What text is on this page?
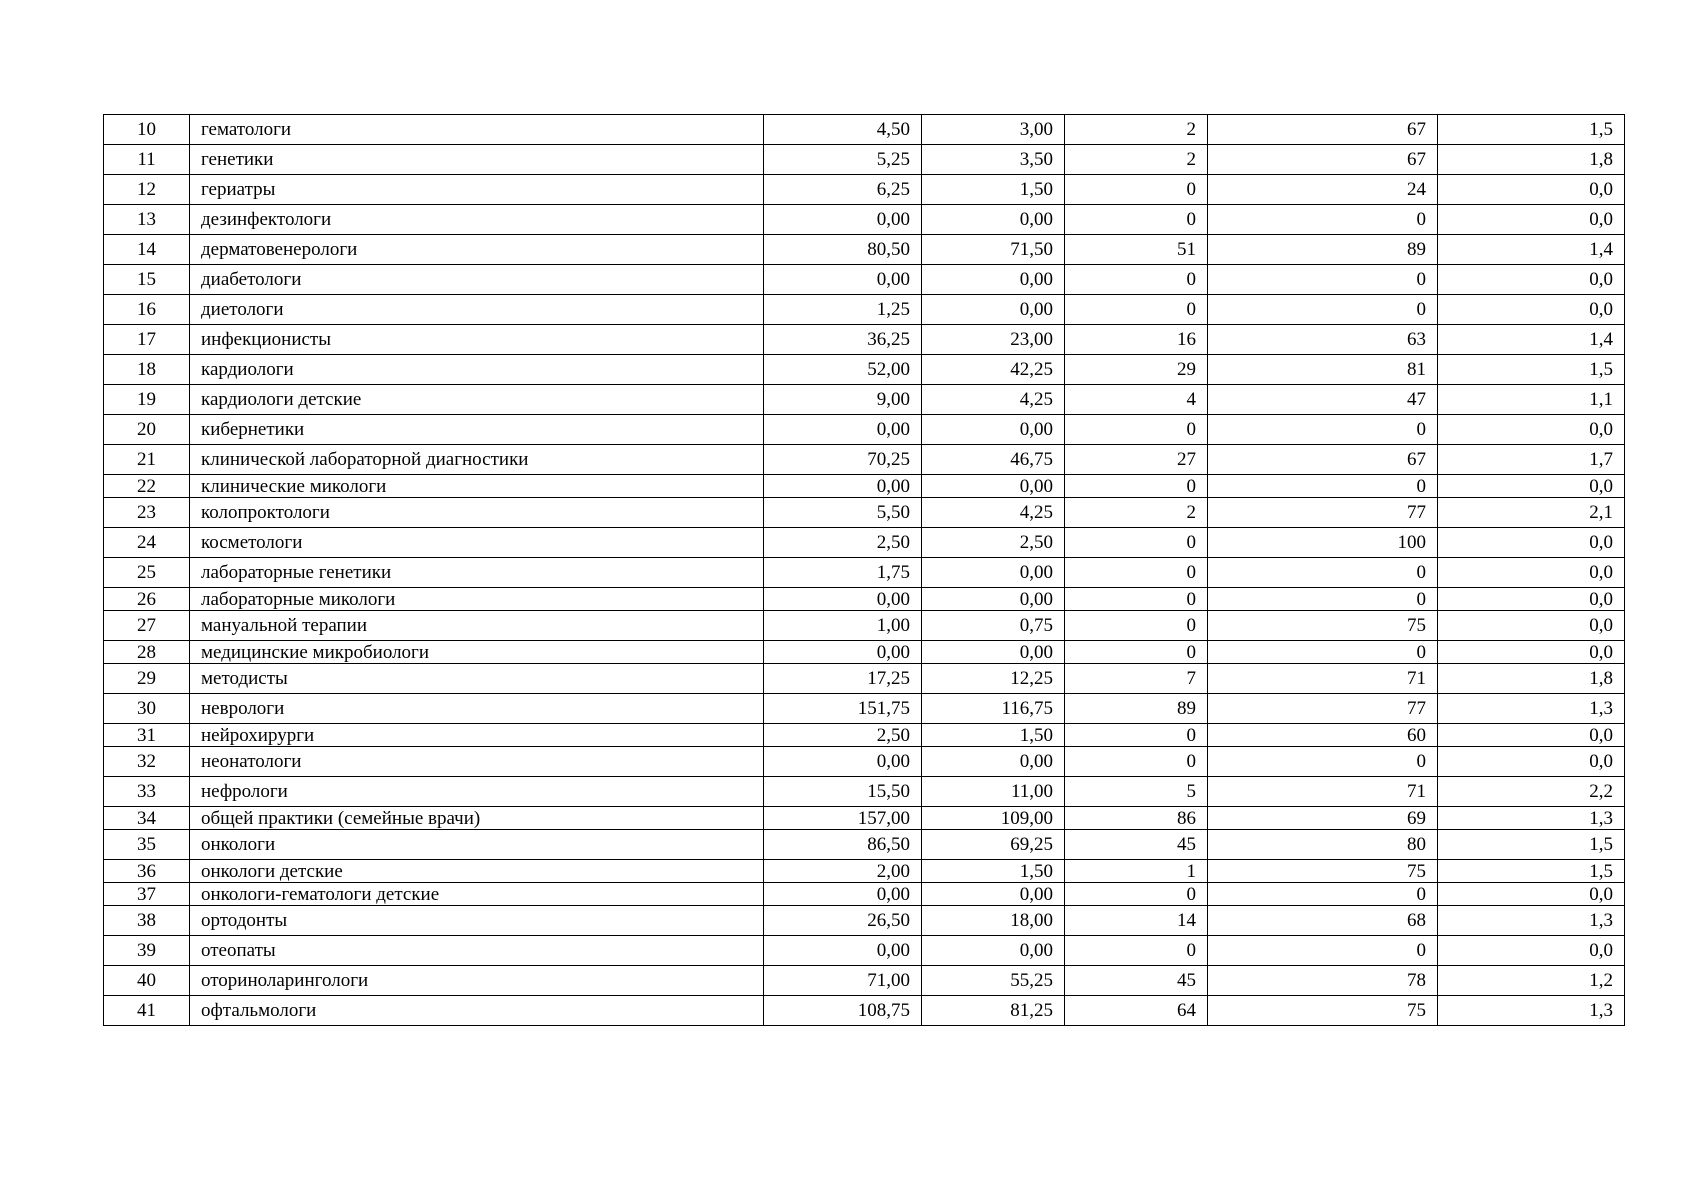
10	гематологи	4,50	3,00	2	67	1,5
11	генетики	5,25	3,50	2	67	1,8
12	гериатры	6,25	1,50	0	24	0,0
13	дезинфектологи	0,00	0,00	0	0	0,0
14	дерматовенерологи	80,50	71,50	51	89	1,4
15	диабетологи	0,00	0,00	0	0	0,0
16	диетологи	1,25	0,00	0	0	0,0
17	инфекционисты	36,25	23,00	16	63	1,4
18	кардиологи	52,00	42,25	29	81	1,5
19	кардиологи детские	9,00	4,25	4	47	1,1
20	кибернетики	0,00	0,00	0	0	0,0
21	клинической лабораторной диагностики	70,25	46,75	27	67	1,7
22	клинические микологи	0,00	0,00	0	0	0,0
23	колопроктологи	5,50	4,25	2	77	2,1
24	косметологи	2,50	2,50	0	100	0,0
25	лабораторные генетики	1,75	0,00	0	0	0,0
26	лабораторные микологи	0,00	0,00	0	0	0,0
27	мануальной терапии	1,00	0,75	0	75	0,0
28	медицинские микробиологи	0,00	0,00	0	0	0,0
29	методисты	17,25	12,25	7	71	1,8
30	неврологи	151,75	116,75	89	77	1,3
31	нейрохирурги	2,50	1,50	0	60	0,0
32	неонатологи	0,00	0,00	0	0	0,0
33	нефрологи	15,50	11,00	5	71	2,2
34	общей практики (семейные врачи)	157,00	109,00	86	69	1,3
35	онкологи	86,50	69,25	45	80	1,5
36	онкологи детские	2,00	1,50	1	75	1,5
37	онкологи-гематологи детские	0,00	0,00	0	0	0,0
38	ортодонты	26,50	18,00	14	68	1,3
39	отеопаты	0,00	0,00	0	0	0,0
40	оториноларингологи	71,00	55,25	45	78	1,2
41	офтальмологи	108,75	81,25	64	75	1,3
